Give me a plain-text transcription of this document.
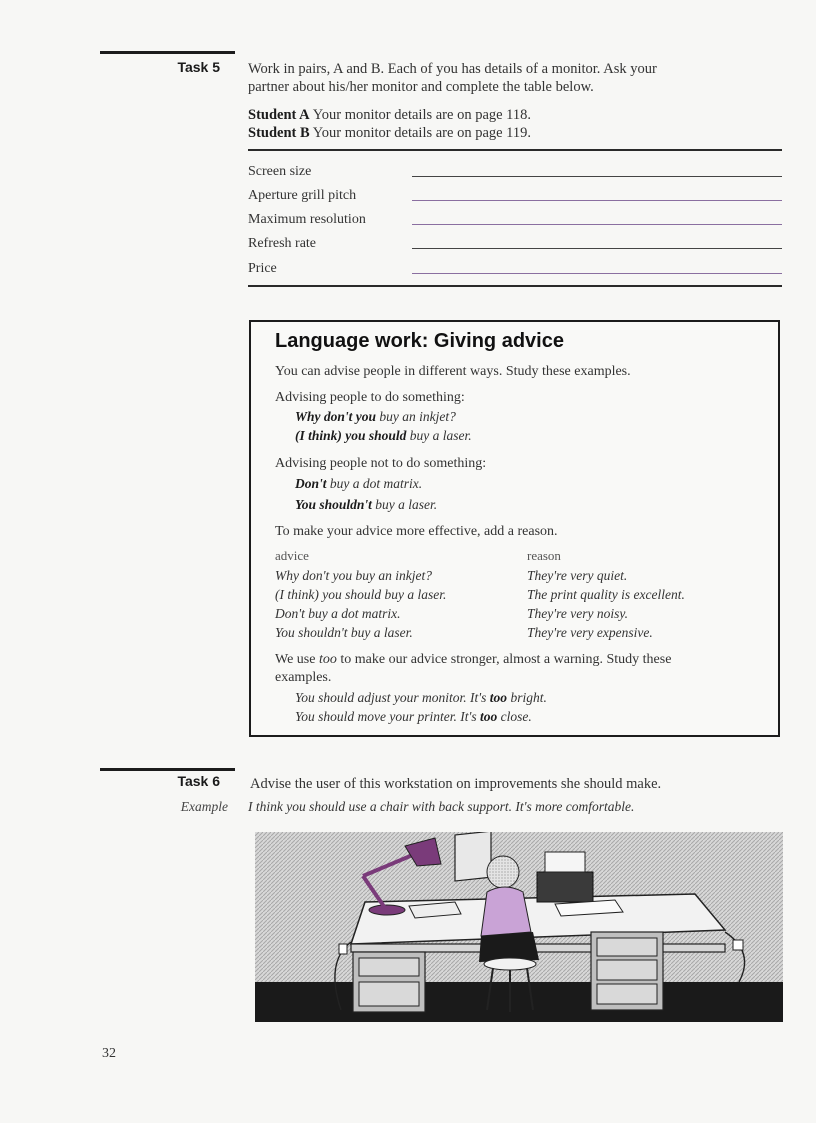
Task 5 Work in pairs, A and B. Each of you has details of a monitor. Ask your
partner about his/her monitor and complete the table below.
Student A Your monitor details are on page 118.
Student B Your monitor details are on page 119.
Screen size
Aperture grill pitch
Maximum resolution
Refresh rate
Price
Language work: Giving advice
You can advise people in different ways. Study these examples.
Advising people to do something:
Why don't you buy an inkjet?
(I think) you should buy a laser.
Advising people not to do something:
Don't buy a dot matrix.
You shouldn't buy a laser.
To make your advice more effective, add a reason.
advice	reason
Why don't you buy an inkjet?
(I think) you should buy a laser.
Don't buy a dot matrix.
You shouldn't buy a laser.
They're very quiet.
The print quality is excellent.
They're very noisy.
They're very expensive.
We use too to make our advice stronger, almost a warning. Study these
examples.
You should adjust your monitor. It's too bright.
You should move your printer. It's too close.
Task 6 Advise the user of this workstation on improvements she should make.
Example I think you should use a chair with back support. It's more comfortable.
32
